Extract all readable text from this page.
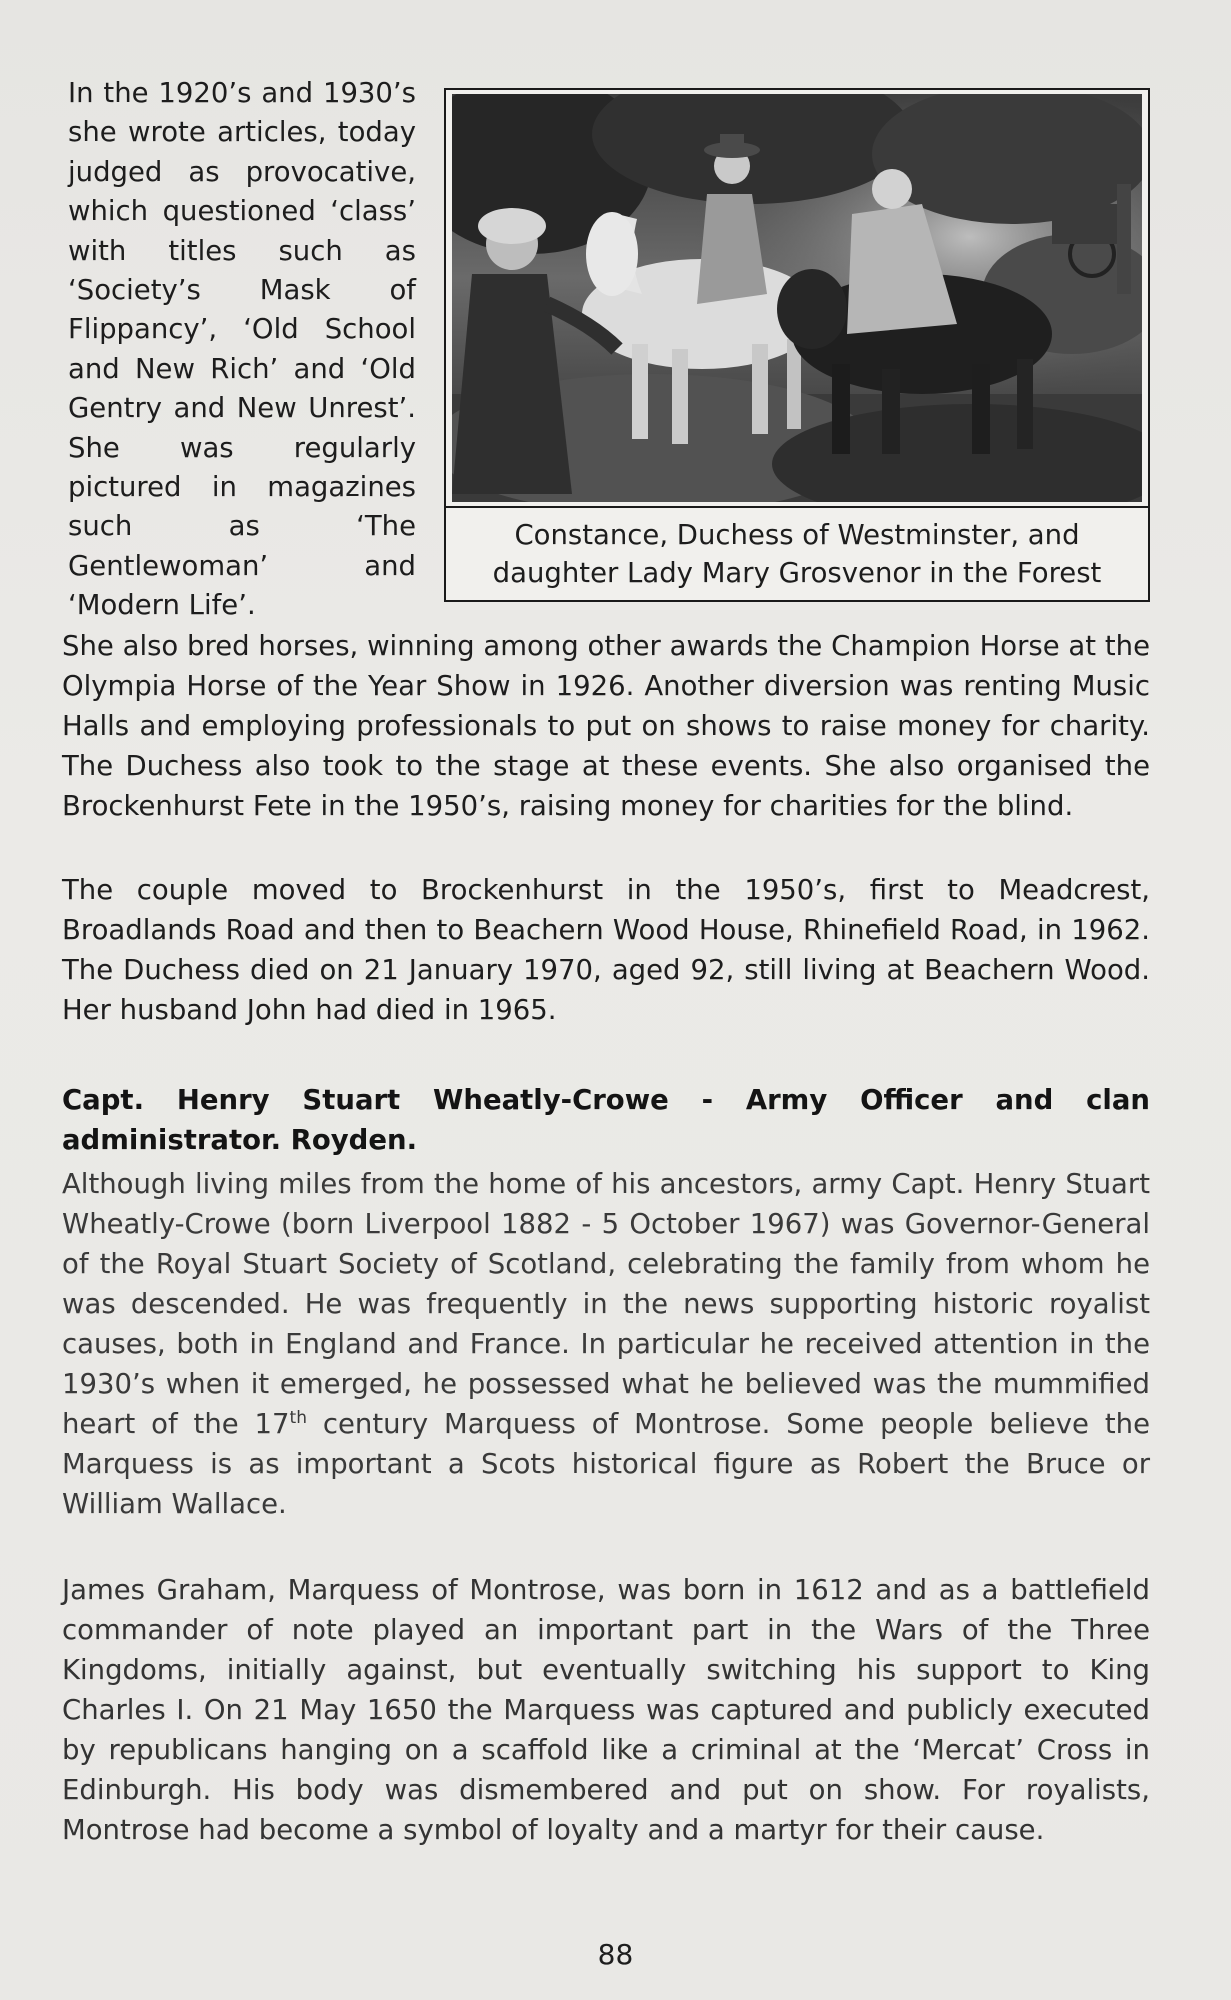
In the 1920’s and 1930’s she wrote articles, today judged as provocative, which questioned ‘class’ with titles such as ‘Society’s Mask of Flippancy’, ‘Old School and New Rich’ and ‘Old Gentry and New Unrest’. She was regularly pictured in magazines such as ‘The Gentlewoman’ and ‘Modern Life’.

Constance, Duchess of Westminster, and
daughter Lady Mary Grosvenor in the Forest

She also bred horses, winning among other awards the Champion Horse at the Olympia Horse of the Year Show in 1926. Another diversion was renting Music Halls and employing professionals to put on shows to raise money for charity. The Duchess also took to the stage at these events. She also organised the Brockenhurst Fete in the 1950’s, raising money for charities for the blind.

The couple moved to Brockenhurst in the 1950’s, first to Meadcrest, Broadlands Road and then to Beachern Wood House, Rhinefield Road, in 1962. The Duchess died on 21 January 1970, aged 92, still living at Beachern Wood. Her husband John had died in 1965.

Capt. Henry Stuart Wheatly-Crowe - Army Officer and clan administrator. Royden.

Although living miles from the home of his ancestors, army Capt. Henry Stuart Wheatly-Crowe (born Liverpool 1882 - 5 October 1967) was Governor-General of the Royal Stuart Society of Scotland, celebrating the family from whom he was descended. He was frequently in the news supporting historic royalist causes, both in England and France. In particular he received attention in the 1930’s when it emerged, he possessed what he believed was the mummified heart of the 17th century Marquess of Montrose. Some people believe the Marquess is as important a Scots historical figure as Robert the Bruce or William Wallace.

James Graham, Marquess of Montrose, was born in 1612 and as a battlefield commander of note played an important part in the Wars of the Three Kingdoms, initially against, but eventually switching his support to King Charles I. On 21 May 1650 the Marquess was captured and publicly executed by republicans hanging on a scaffold like a criminal at the ‘Mercat’ Cross in Edinburgh. His body was dismembered and put on show. For royalists, Montrose had become a symbol of loyalty and a martyr for their cause.

88
